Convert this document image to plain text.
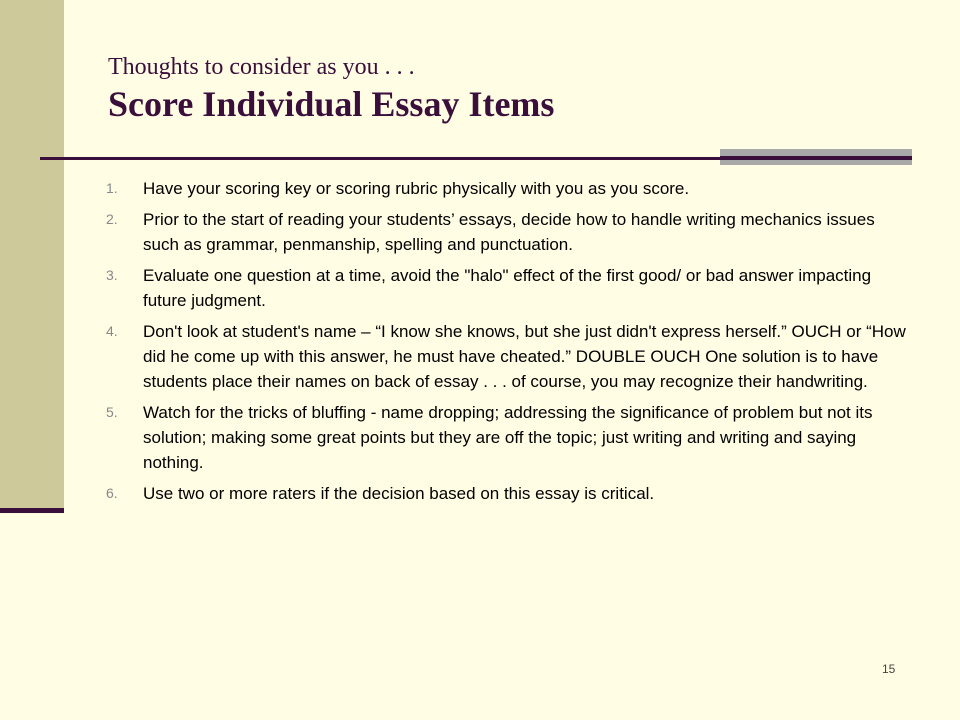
Thoughts to consider as you . . .

Score Individual Essay Items
1. Have your scoring key or scoring rubric physically with you as you score.
2. Prior to the start of reading your students’ essays, decide how to handle writing mechanics issues such as grammar, penmanship, spelling and punctuation.
3. Evaluate one question at a time, avoid the "halo" effect of the first good/ or bad answer impacting future judgment.
4. Don't look at student's name – “I know she knows, but she just didn't express herself.” OUCH or “How did he come up with this answer, he must have cheated.” DOUBLE OUCH One solution is to have students place their names on back of essay . . . of course, you may recognize their handwriting.
5. Watch for the tricks of bluffing - name dropping; addressing the significance of problem but not its solution; making some great points but they are off the topic; just writing and writing and saying nothing.
6. Use two or more raters if the decision based on this essay is critical.
15
